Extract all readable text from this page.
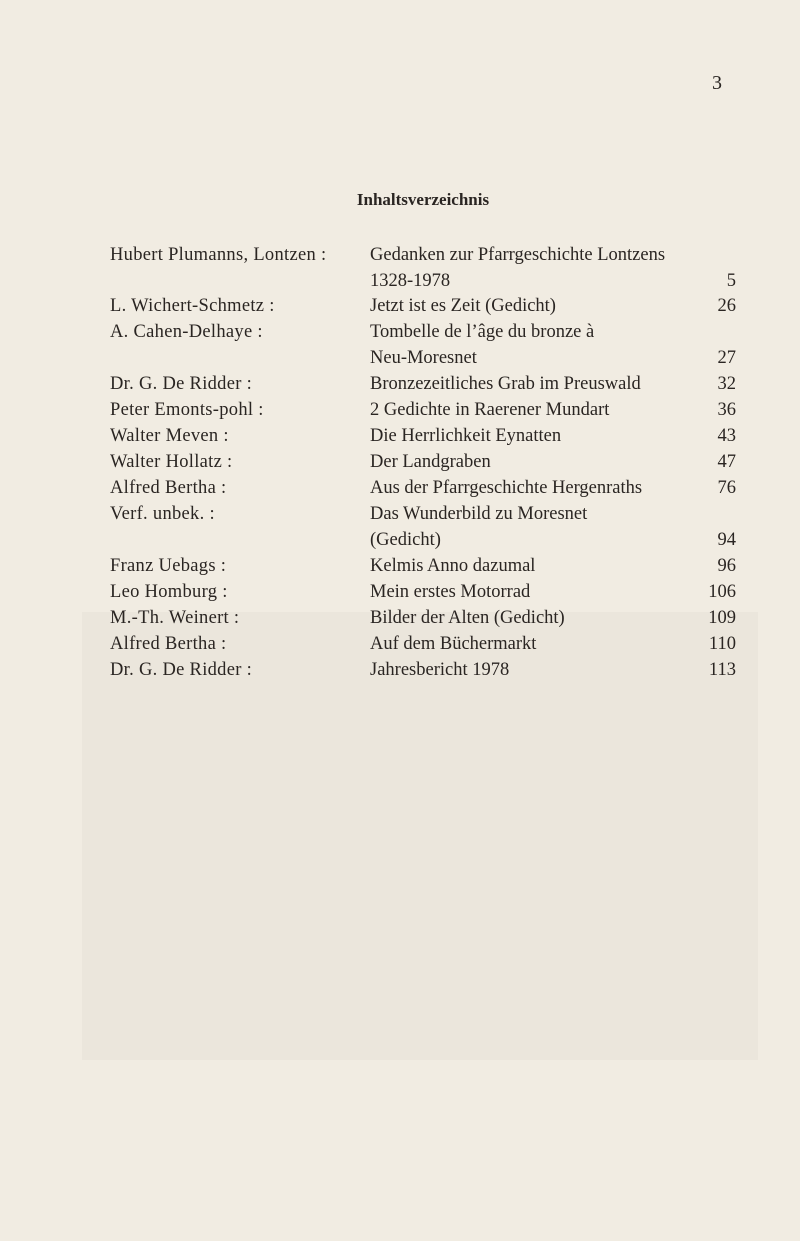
3
Inhaltsverzeichnis
Hubert Plumanns, Lontzen : Gedanken zur Pfarrgeschichte Lontzens
1328-1978	5
L. Wichert-Schmetz :	Jetzt ist es Zeit (Gedicht)	26
A. Cahen-Delhaye :	Tombelle de l’âge du bronze à
Neu-Moresnet	27
Dr. G. De Ridder :	Bronzezeitliches Grab im Preuswald	32
Peter Emonts-pohl :	2 Gedichte in Raerener Mundart	36
Walter Meven :	Die Herrlichkeit Eynatten	43
Walter Hollatz :	Der Landgraben	47
Alfred Bertha :	Aus der Pfarrgeschichte Hergenraths	76
Verf. unbek. :	Das Wunderbild zu Moresnet
(Gedicht)	94
Franz Uebags :	Kelmis Anno dazumal	96
Leo Homburg :	Mein erstes Motorrad	106
M.-Th. Weinert :	Bilder der Alten (Gedicht)	109
Alfred Bertha :	Auf dem Büchermarkt	110
Dr. G. De Ridder :	Jahresbericht 1978	113
